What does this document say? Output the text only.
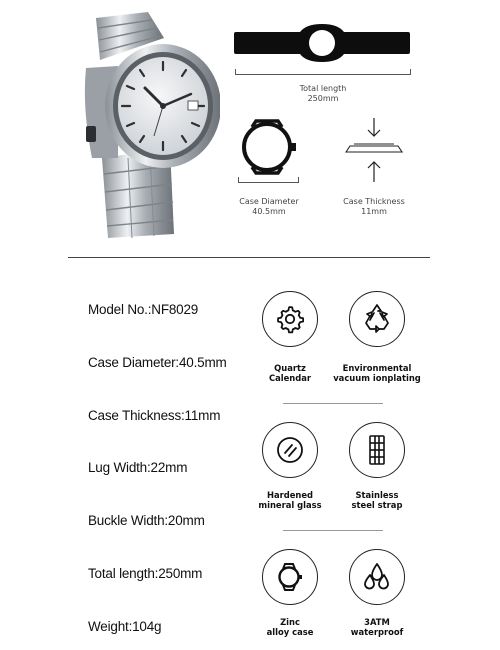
Total length
250mm
Case Diameter
40.5mm
Case Thickness
11mm
Model No.:NF8029
Case Diameter:40.5mm
Case Thickness:11mm
Lug Width:22mm
Buckle Width:20mm
Total length:250mm
Weight:104g
Quartz
Calendar
Environmental
vacuum ionplating
Hardened
mineral glass
Stainless
steel strap
Zinc
alloy case
3ATM
waterproof
